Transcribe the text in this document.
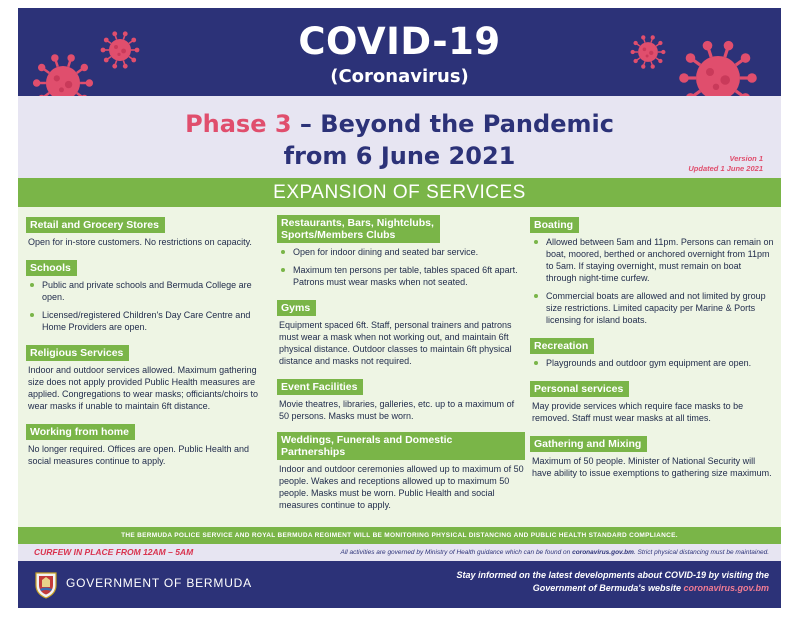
COVID-19
(Coronavirus)
Phase 3 – Beyond the Pandemic
from 6 June 2021	Version 1
Updated 1 June 2021
EXPANSION OF SERVICES
Retail and Grocery Stores
Open for in-store customers. No restrictions on capacity.
Schools
Public and private schools and Bermuda College are open.
Licensed/registered Children's Day Care Centre and Home Providers are open.
Religious Services
Indoor and outdoor services allowed. Maximum gathering size does not apply provided Public Health measures are applied. Congregations to wear masks; officiants/choirs to wear masks if unable to maintain 6ft distance.
Working from home
No longer required. Offices are open. Public Health and social measures continue to apply.
Restaurants, Bars, Nightclubs,
Sports/Members Clubs
Open for indoor dining and seated bar service.
Maximum ten persons per table, tables spaced 6ft apart. Patrons must wear masks when not seated.
Gyms
Equipment spaced 6ft. Staff, personal trainers and patrons must wear a mask when not working out, and maintain 6ft physical distance. Outdoor classes to maintain 6ft physical distance and masks not required.
Event Facilities
Movie theatres, libraries, galleries, etc. up to a maximum of 50 persons. Masks must be worn.
Weddings, Funerals and Domestic Partnerships
Indoor and outdoor ceremonies allowed up to maximum of 50 people. Wakes and receptions allowed up to maximum 50 people. Masks must be worn. Public Health and social measures continue to apply.
Boating
Allowed between 5am and 11pm. Persons can remain on boat, moored, berthed or anchored overnight from 11pm to 5am. If staying overnight, must remain on boat through night-time curfew.
Commercial boats are allowed and not limited by group size restrictions. Limited capacity per Marine & Ports licensing for island boats.
Recreation
Playgrounds and outdoor gym equipment are open.
Personal services
May provide services which require face masks to be removed. Staff must wear masks at all times.
Gathering and Mixing
Maximum of 50 people. Minister of National Security will have ability to issue exemptions to gathering size maximum.
THE BERMUDA POLICE SERVICE AND ROYAL BERMUDA REGIMENT WILL BE MONITORING PHYSICAL DISTANCING AND PUBLIC HEALTH STANDARD COMPLIANCE.
CURFEW IN PLACE FROM 12AM – 5AM	All activities are governed by Ministry of Health guidance which can be found on coronavirus.gov.bm. Strict physical distancing must be maintained.
GOVERNMENT OF BERMUDA
Stay informed on the latest developments about COVID-19 by visiting the
Government of Bermuda's website coronavirus.gov.bm
